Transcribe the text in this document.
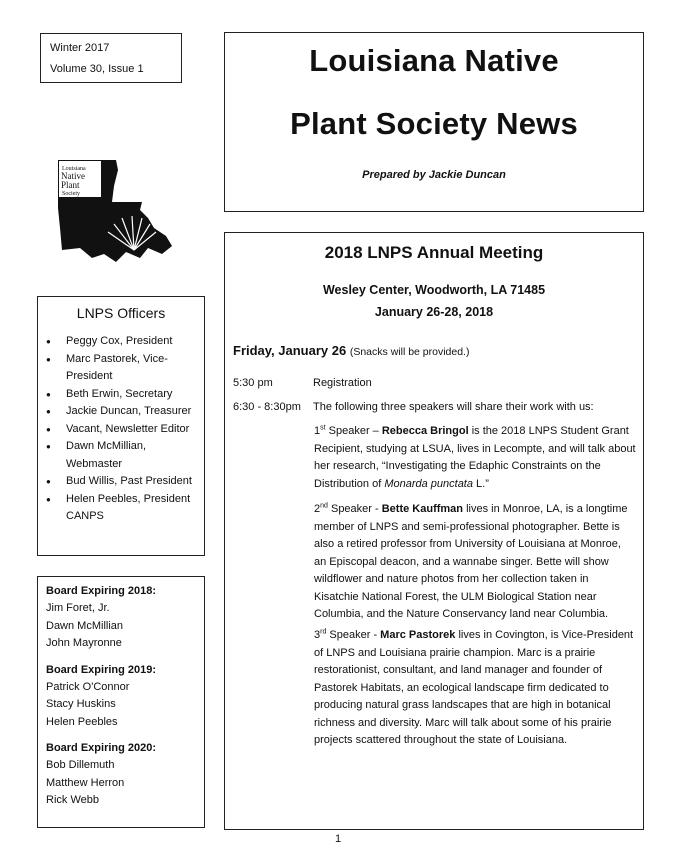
Winter 2017
Volume 30, Issue 1	Louisiana Native
Plant Society News
Prepared by Jackie Duncan
Louisiana
Native
Plant
Society
LNPS Officers
● Peggy Cox, President
● Marc Pastorek, Vice-President
● Beth Erwin, Secretary
● Jackie Duncan, Treasurer
● Vacant, Newsletter Editor
● Dawn McMillian, Webmaster
● Bud Willis, Past President
● Helen Peebles, President CANPS
Board Expiring 2018:
Jim Foret, Jr.
Dawn McMillian
John Mayronne
Board Expiring 2019:
Patrick O'Connor
Stacy Huskins
Helen Peebles
Board Expiring 2020:
Bob Dillemuth
Matthew Herron
Rick Webb
2018 LNPS Annual Meeting
Wesley Center, Woodworth, LA 71485
January 26-28, 2018
Friday, January 26 (Snacks will be provided.)
5:30 pm	Registration
6:30 - 8:30pm The following three speakers will share their work with us:
1st Speaker – Rebecca Bringol is the 2018 LNPS Student Grant Recipient, studying at LSUA, lives in Lecompte, and will talk about her research, “Investigating the Edaphic Constraints on the Distribution of Monarda punctata L.”
2nd Speaker - Bette Kauffman lives in Monroe, LA, is a longtime member of LNPS and semi-professional photographer. Bette is also a retired professor from University of Louisiana at Monroe, an Episcopal deacon, and a wannabe singer. Bette will show wildflower and nature photos from her collection taken in Kisatchie National Forest, the ULM Biological Station near Columbia, and the Nature Conservancy land near Columbia.
3rd Speaker - Marc Pastorek lives in Covington, is Vice-President of LNPS and Louisiana prairie champion. Marc is a prairie restorationist, consultant, and land manager and founder of Pastorek Habitats, an ecological landscape firm dedicated to producing natural grass landscapes that are high in botanical richness and diversity. Marc will talk about some of his prairie projects scattered throughout the state of Louisiana.
1
